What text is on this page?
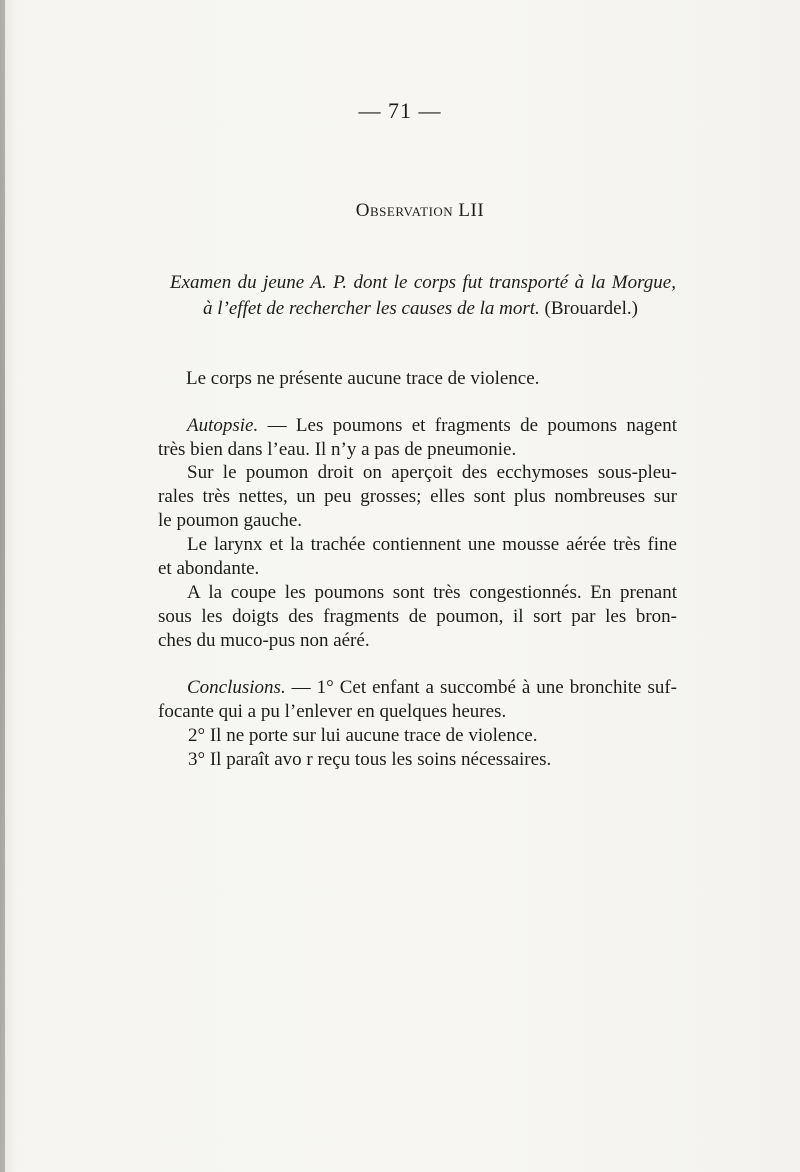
— 71 —
Observation LII
Examen du jeune A. P. dont le corps fut transporté à la Morgue,
à l’effet de rechercher les causes de la mort. (Brouardel.)
Le corps ne présente aucune trace de violence.
Autopsie. — Les poumons et fragments de poumons nagent
très bien dans l’eau. Il n’y a pas de pneumonie.
Sur le poumon droit on aperçoit des ecchymoses sous-pleu-
rales très nettes, un peu grosses; elles sont plus nombreuses sur
le poumon gauche.
Le larynx et la trachée contiennent une mousse aérée très fine
et abondante.
A la coupe les poumons sont très congestionnés. En prenant
sous les doigts des fragments de poumon, il sort par les bron-
ches du muco-pus non aéré.
Conclusions. — 1° Cet enfant a succombé à une bronchite suf-
focante qui a pu l’enlever en quelques heures.
2° Il ne porte sur lui aucune trace de violence.
3° Il paraît avo r reçu tous les soins nécessaires.
